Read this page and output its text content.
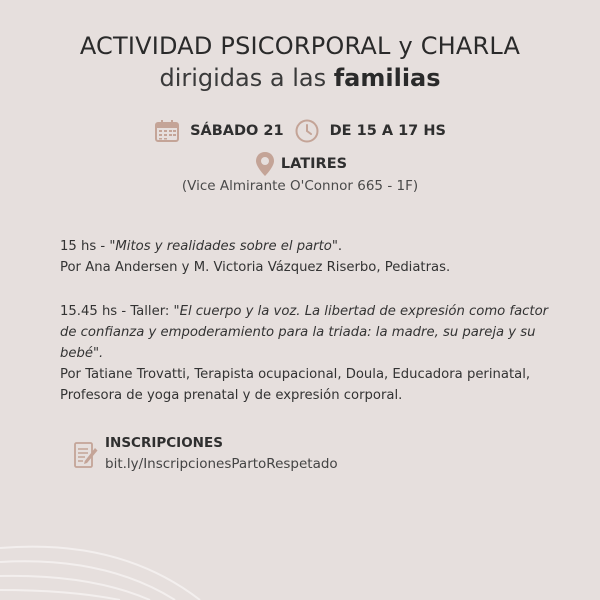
ACTIVIDAD PSICORPORAL y CHARLA
dirigidas a las familias
SÁBADO 21	DE 15 A 17 HS
LATIRES
(Vice Almirante O'Connor 665 - 1F)
15 hs - "Mitos y realidades sobre el parto".
Por Ana Andersen y M. Victoria Vázquez Riserbo, Pediatras.
15.45 hs - Taller: "El cuerpo y la voz. La libertad de expresión como factor de confianza y empoderamiento para la triada: la madre, su pareja y su bebé".
Por Tatiane Trovatti, Terapista ocupacional, Doula, Educadora perinatal, Profesora de yoga prenatal y de expresión corporal.
INSCRIPCIONES
bit.ly/InscripcionesPartoRespetado
